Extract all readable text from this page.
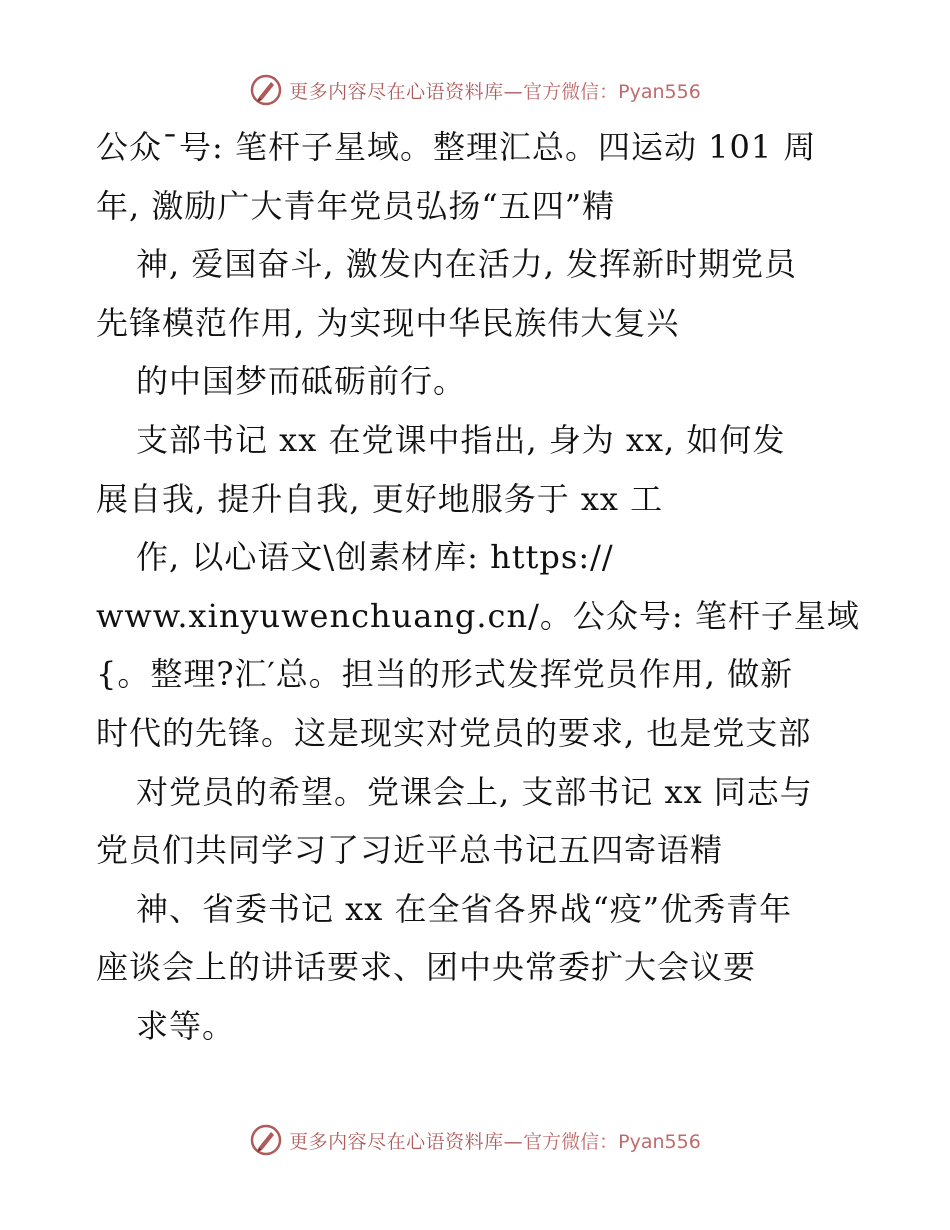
更多内容尽在心语资料库— 官方微信：Pyan556
公众¯号: 笔杆子星域。整理汇总。四运动 101 周
年, 激励广大青年党员弘扬“五四”精
神, 爱国奋斗, 激发内在活力, 发挥新时期党员
先锋模范作用, 为实现中华民族伟大复兴
的中国梦而砥砺前行。
支部书记 xx 在党课中指出, 身为 xx, 如何发
展自我, 提升自我, 更好地服务于 xx 工
作, 以心语文\创素材库: https://
www.xinyuwenchuang.cn/。公众号: 笔杆子星域
{。整理?汇′总。担当的形式发挥党员作用, 做新
时代的先锋。这是现实对党员的要求, 也是党支部
对党员的希望。党课会上, 支部书记 xx 同志与
党员们共同学习了习近平总书记五四寄语精
神、省委书记 xx 在全省各界战“疫”优秀青年
座谈会上的讲话要求、团中央常委扩大会议要
求等。
更多内容尽在心语资料库— 官方微信：Pyan556
